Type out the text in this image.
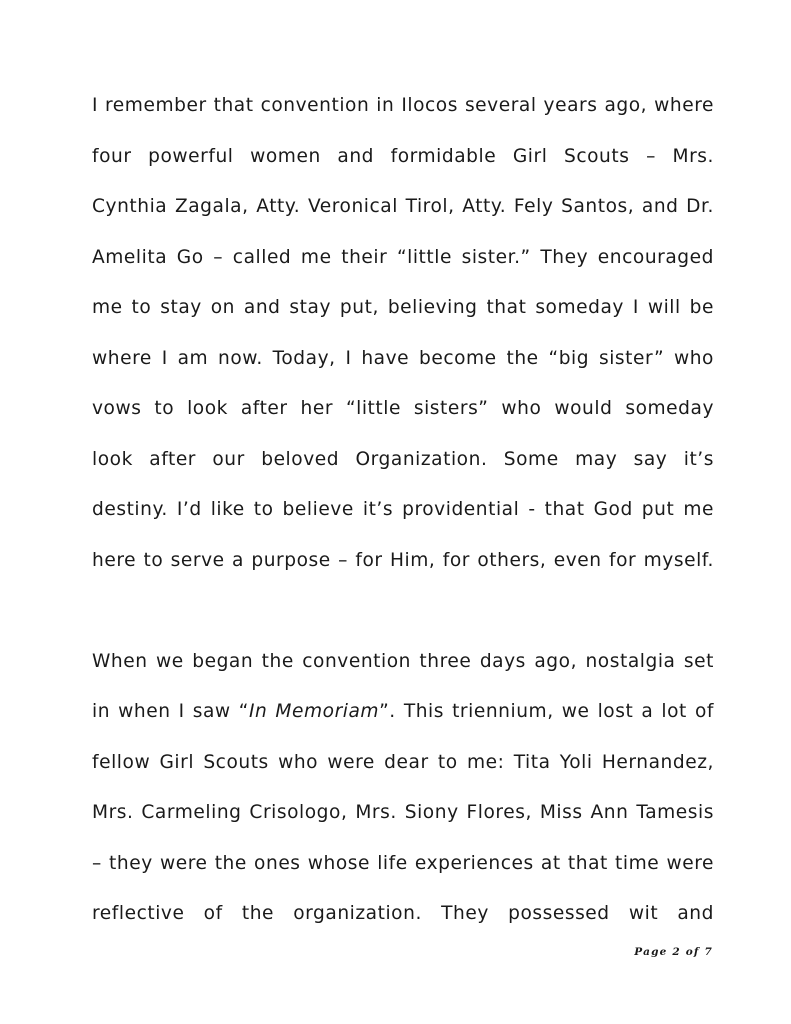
I remember that convention in Ilocos several years ago, where

four powerful women and formidable Girl Scouts – Mrs.

Cynthia Zagala, Atty. Veronical Tirol, Atty. Fely Santos, and Dr.

Amelita Go – called me their “little sister.” They encouraged

me to stay on and stay put, believing that someday I will be

where I am now. Today, I have become the “big sister” who

vows to look after her “little sisters” who would someday

look after our beloved Organization. Some may say it’s

destiny. I’d like to believe it’s providential - that God put me

here to serve a purpose – for Him, for others, even for myself.

When we began the convention three days ago, nostalgia set

in when I saw “In Memoriam”. This triennium, we lost a lot of

fellow Girl Scouts who were dear to me: Tita Yoli Hernandez,

Mrs. Carmeling Crisologo, Mrs. Siony Flores, Miss Ann Tamesis

– they were the ones whose life experiences at that time were

reflective of the organization. They possessed wit and

Page 2 of 7
